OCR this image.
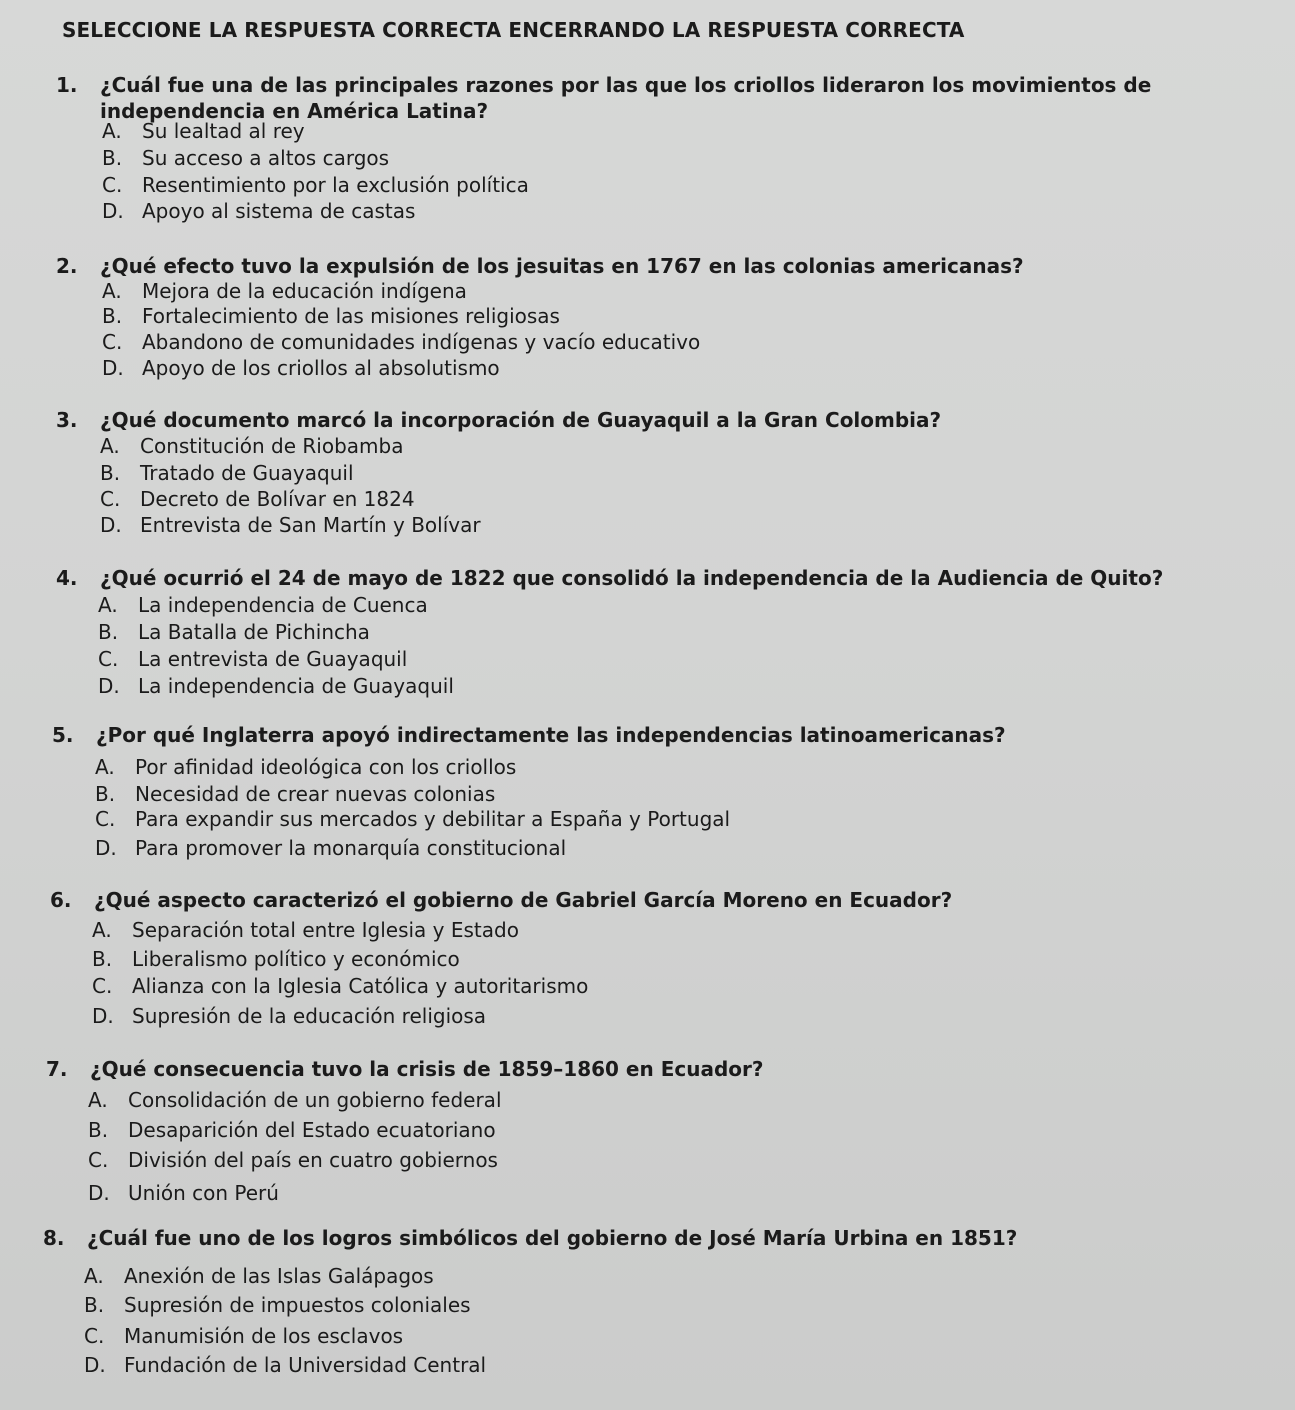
SELECCIONE LA RESPUESTA CORRECTA ENCERRANDO LA RESPUESTA CORRECTA
1. ¿Cuál fue una de las principales razones por las que los criollos lideraron los movimientos de independencia en América Latina?
A. Su lealtad al rey
B. Su acceso a altos cargos
C. Resentimiento por la exclusión política
D. Apoyo al sistema de castas
2. ¿Qué efecto tuvo la expulsión de los jesuitas en 1767 en las colonias americanas?
A. Mejora de la educación indígena
B. Fortalecimiento de las misiones religiosas
C. Abandono de comunidades indígenas y vacío educativo
D. Apoyo de los criollos al absolutismo
3. ¿Qué documento marcó la incorporación de Guayaquil a la Gran Colombia?
A. Constitución de Riobamba
B. Tratado de Guayaquil
C. Decreto de Bolívar en 1824
D. Entrevista de San Martín y Bolívar
4. ¿Qué ocurrió el 24 de mayo de 1822 que consolidó la independencia de la Audiencia de Quito?
A. La independencia de Cuenca
B. La Batalla de Pichincha
C. La entrevista de Guayaquil
D. La independencia de Guayaquil
5. ¿Por qué Inglaterra apoyó indirectamente las independencias latinoamericanas?
A. Por afinidad ideológica con los criollos
B. Necesidad de crear nuevas colonias
C. Para expandir sus mercados y debilitar a España y Portugal
D. Para promover la monarquía constitucional
6. ¿Qué aspecto caracterizó el gobierno de Gabriel García Moreno en Ecuador?
A. Separación total entre Iglesia y Estado
B. Liberalismo político y económico
C. Alianza con la Iglesia Católica y autoritarismo
D. Supresión de la educación religiosa
7. ¿Qué consecuencia tuvo la crisis de 1859–1860 en Ecuador?
A. Consolidación de un gobierno federal
B. Desaparición del Estado ecuatoriano
C. División del país en cuatro gobiernos
D. Unión con Perú
8. ¿Cuál fue uno de los logros simbólicos del gobierno de José María Urbina en 1851?
A. Anexión de las Islas Galápagos
B. Supresión de impuestos coloniales
C. Manumisión de los esclavos
D. Fundación de la Universidad Central
